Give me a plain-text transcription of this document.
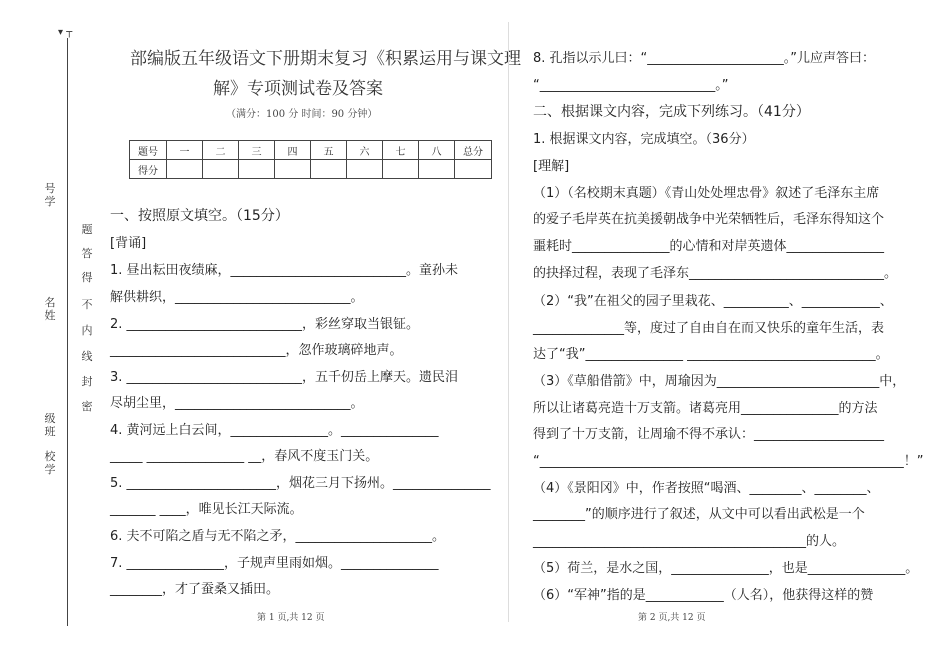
▾ ┬
号学
名姓
级班
校学
题
答
得
不
内
线
封
密
部编版五年级语文下册期末复习《积累运用与课文理
解》专项测试卷及答案
（满分：100 分 时间：90 分钟）
题号	一	二	三	四	五	六	七	八	总分
得分									
一、按照原文填空。（15分）
[背诵]
1. 昼出耘田夜绩麻，___________________________。童孙未
解供耕织，___________________________。
2. ___________________________，彩丝穿取当银钲。
___________________________，忽作玻璃碎地声。
3. ___________________________，五千仞岳上摩天。遗民泪
尽胡尘里，___________________________。
4. 黄河远上白云间，_______________。_______________
_____ _______________ __，春风不度玉门关。
5. _______________________，烟花三月下扬州。_______________
_______ ____，唯见长江天际流。
6. 夫不可陷之盾与无不陷之矛，_____________________。
7. _______________，子规声里雨如烟。_______________
________，才了蚕桑又插田。
第 1 页,共 12 页
8. 孔指以示儿曰：“_____________________。”儿应声答曰：
“___________________________。”
二、根据课文内容，完成下列练习。（41分）
1. 根据课文内容，完成填空。（36分）
[理解]
（1）（名校期末真题）《青山处处埋忠骨》叙述了毛泽东主席
的爱子毛岸英在抗美援朝战争中光荣牺牲后，毛泽东得知这个
噩耗时_______________的心情和对岸英遗体_______________
的抉择过程，表现了毛泽东______________________________。
（2）“我”在祖父的园子里栽花、__________、____________、
______________等，度过了自由自在而又快乐的童年生活，表
达了“我”_______________ _____________________________。
（3）《草船借箭》中，周瑜因为_________________________中，
所以让诸葛亮造十万支箭。诸葛亮用_______________的方法
得到了十万支箭，让周瑜不得不承认：____________________
“________________________________________________________！”
（4）《景阳冈》中，作者按照“喝酒、________、________、
________”的顺序进行了叙述，从文中可以看出武松是一个
__________________________________________的人。
（5）荷兰，是水之国，_______________，也是_______________。
（6）“军神”指的是____________（人名），他获得这样的赞
第 2 页,共 12 页
